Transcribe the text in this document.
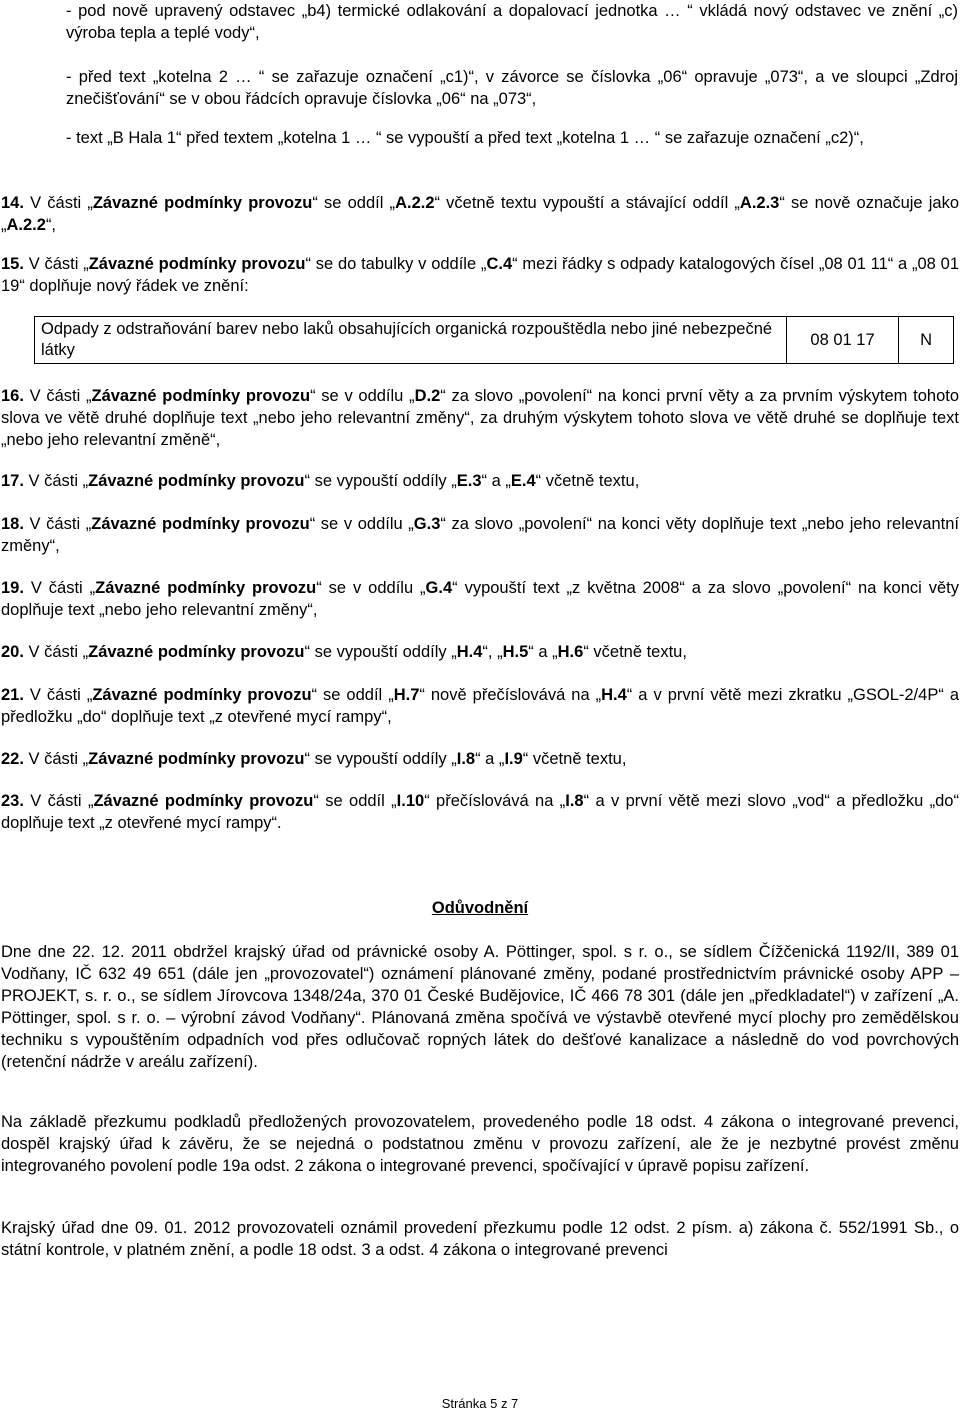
- pod nově upravený odstavec „b4) termické odlakování a dopalovací jednotka … “ vkládá nový odstavec ve znění „c) výroba tepla a teplé vody“,

- před text „kotelna 2 … “ se zařazuje označení „c1)“, v závorce se číslovka „06“ opravuje „073“, a ve sloupci „Zdroj znečišťování“ se v obou řádcích opravuje číslovka „06“ na „073“,

- text „B Hala 1“ před textem „kotelna 1 … “ se vypouští a před text „kotelna 1 … “ se zařazuje označení „c2)“,

14. V části „Závazné podmínky provozu“ se oddíl „A.2.2“ včetně textu vypouští a stávající oddíl „A.2.3“ se nově označuje jako „A.2.2“,

15. V části „Závazné podmínky provozu“ se do tabulky v oddíle „C.4“ mezi řádky s odpady katalogových čísel „08 01 11“ a „08 01 19“ doplňuje nový řádek ve znění:

Odpady z odstraňování barev nebo laků obsahujících organická rozpouštědla nebo jiné nebezpečné látky	08 01 17	N

16. V části „Závazné podmínky provozu“ se v oddílu „D.2“ za slovo „povolení“ na konci první věty a za prvním výskytem tohoto slova ve větě druhé doplňuje text „nebo jeho relevantní změny“, za druhým výskytem tohoto slova ve větě druhé se doplňuje text „nebo jeho relevantní změně“,

17. V části „Závazné podmínky provozu“ se vypouští oddíly „E.3“ a „E.4“ včetně textu,

18. V části „Závazné podmínky provozu“ se v oddílu „G.3“ za slovo „povolení“ na konci věty doplňuje text „nebo jeho relevantní změny“,

19. V části „Závazné podmínky provozu“ se v oddílu „G.4“ vypouští text „z května 2008“ a za slovo „povolení“ na konci věty doplňuje text „nebo jeho relevantní změny“,

20. V části „Závazné podmínky provozu“ se vypouští oddíly „H.4“, „H.5“ a „H.6“ včetně textu,

21. V části „Závazné podmínky provozu“ se oddíl „H.7“ nově přečíslovává na „H.4“ a v první větě mezi zkratku „GSOL-2/4P“ a předložku „do“ doplňuje text „z otevřené mycí rampy“,

22. V části „Závazné podmínky provozu“ se vypouští oddíly „I.8“ a „I.9“ včetně textu,

23. V části „Závazné podmínky provozu“ se oddíl „I.10“ přečíslovává na „I.8“ a v první větě mezi slovo „vod“ a předložku „do“ doplňuje text „z otevřené mycí rampy“.

Odůvodnění

Dne dne 22. 12. 2011 obdržel krajský úřad od právnické osoby A. Pöttinger, spol. s r. o., se sídlem Čížčenická 1192/II, 389 01 Vodňany, IČ 632 49 651 (dále jen „provozovatel“) oznámení plánované změny, podané prostřednictvím právnické osoby APP – PROJEKT, s. r. o., se sídlem Jírovcova 1348/24a, 370 01 České Budějovice, IČ 466 78 301 (dále jen „předkladatel“) v zařízení „A. Pöttinger, spol. s r. o. – výrobní závod Vodňany“. Plánovaná změna spočívá ve výstavbě otevřené mycí plochy pro zemědělskou techniku s vypouštěním odpadních vod přes odlučovač ropných látek do dešťové kanalizace a následně do vod povrchových (retenční nádrže v areálu zařízení).

Na základě přezkumu podkladů předložených provozovatelem, provedeného podle 18 odst. 4 zákona o integrované prevenci, dospěl krajský úřad k závěru, že se nejedná o podstatnou změnu v provozu zařízení, ale že je nezbytné provést změnu integrovaného povolení podle 19a odst. 2 zákona o integrované prevenci, spočívající v úpravě popisu zařízení.

Krajský úřad dne 09. 01. 2012 provozovateli oznámil provedení přezkumu podle 12 odst. 2 písm. a) zákona č. 552/1991 Sb., o státní kontrole, v platném znění, a podle 18 odst. 3 a odst. 4 zákona o integrované prevenci

Stránka 5 z 7
